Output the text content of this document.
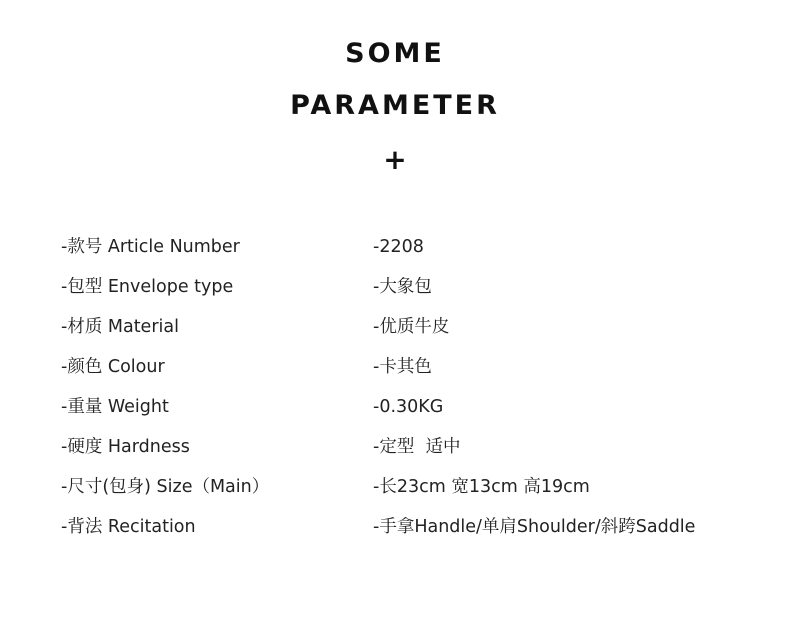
SOME
PARAMETER
+
-款号 Article Number	-2208
-包型 Envelope type	-大象包
-材质 Material	-优质牛皮
-颜色 Colour	-卡其色
-重量 Weight	-0.30KG
-硬度 Hardness	-定型  适中
-尺寸(包身) Size（Main）	-长23cm 宽13cm 高19cm
-背法 Recitation	-手拿Handle/单肩Shoulder/斜跨Saddle
